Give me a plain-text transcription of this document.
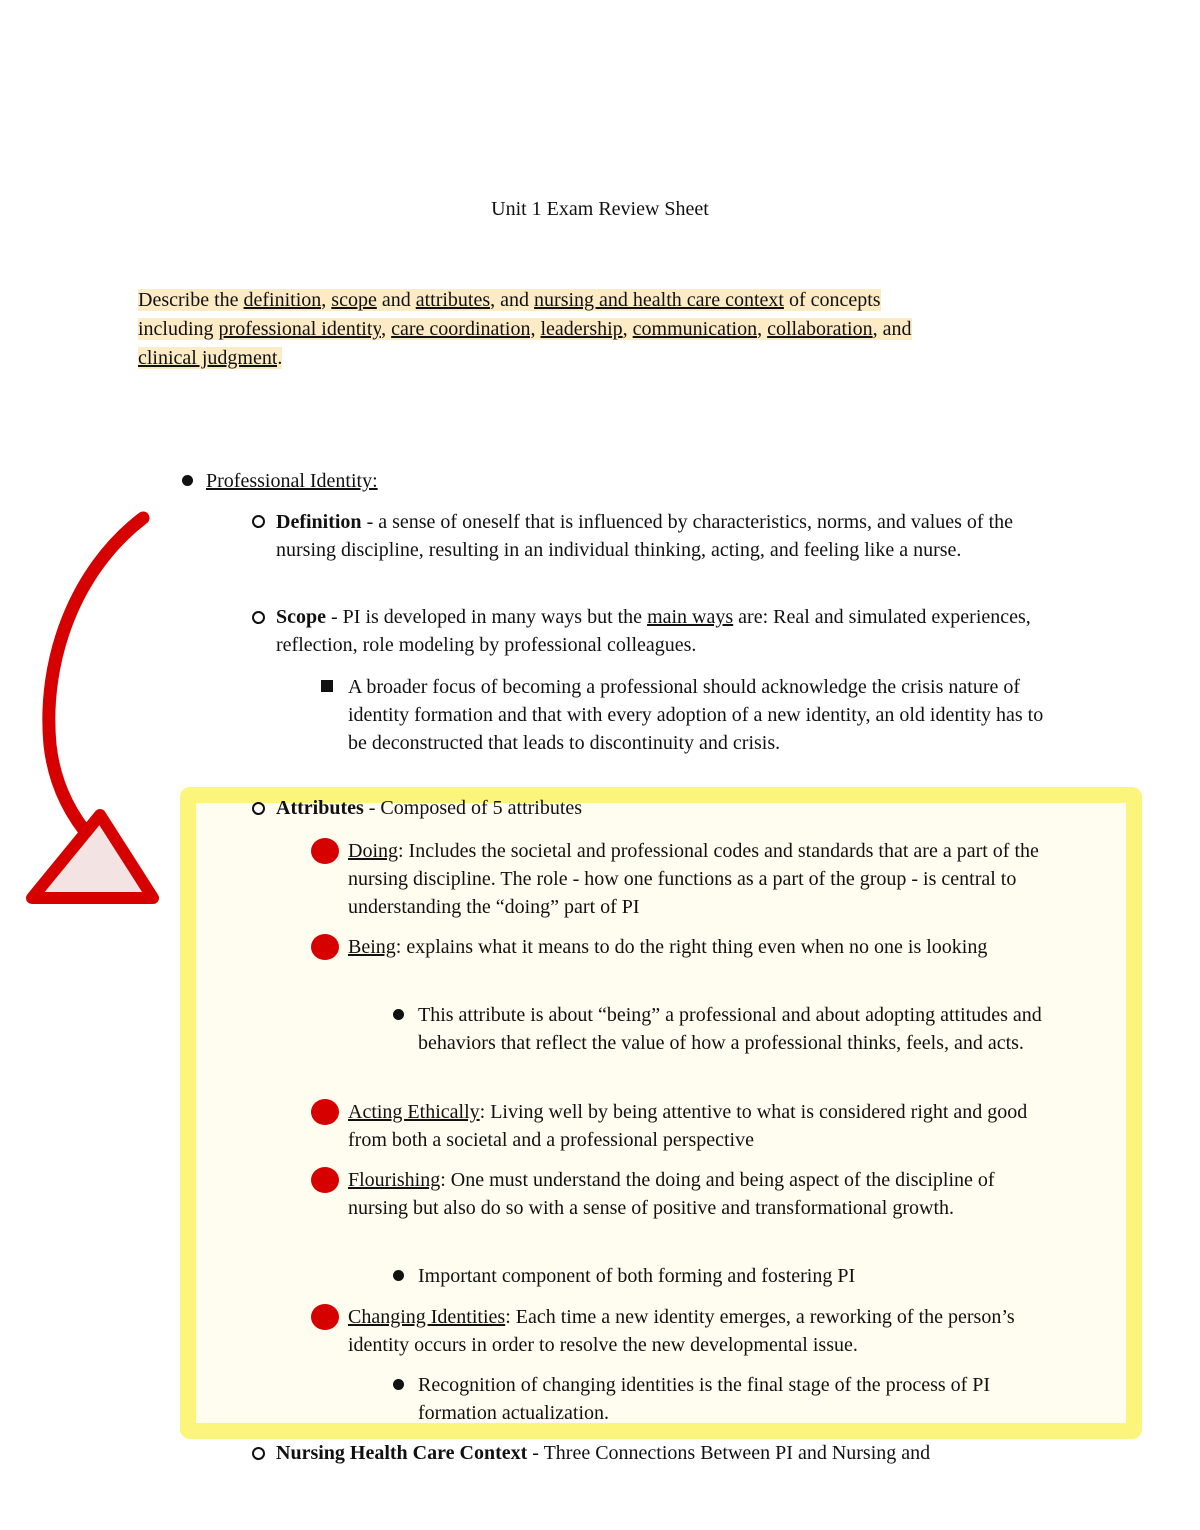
Unit 1 Exam Review Sheet
Describe the definition, scope and attributes, and nursing and health care context of concepts
including professional identity, care coordination, leadership, communication, collaboration, and
clinical judgment.
Professional Identity:
Definition - a sense of oneself that is influenced by characteristics, norms, and values of the nursing discipline, resulting in an individual thinking, acting, and feeling like a nurse.
Scope - PI is developed in many ways but the main ways are: Real and simulated experiences, reflection, role modeling by professional colleagues.
A broader focus of becoming a professional should acknowledge the crisis nature of identity formation and that with every adoption of a new identity, an old identity has to be deconstructed that leads to discontinuity and crisis.
Attributes - Composed of 5 attributes
Doing: Includes the societal and professional codes and standards that are a part of the nursing discipline. The role - how one functions as a part of the group - is central to understanding the “doing” part of PI
Being: explains what it means to do the right thing even when no one is looking
This attribute is about “being” a professional and about adopting attitudes and behaviors that reflect the value of how a professional thinks, feels, and acts.
Acting Ethically: Living well by being attentive to what is considered right and good from both a societal and a professional perspective
Flourishing: One must understand the doing and being aspect of the discipline of nursing but also do so with a sense of positive and transformational growth.
Important component of both forming and fostering PI
Changing Identities: Each time a new identity emerges, a reworking of the person’s identity occurs in order to resolve the new developmental issue.
Recognition of changing identities is the final stage of the process of PI formation actualization.
Nursing Health Care Context - Three Connections Between PI and Nursing and
